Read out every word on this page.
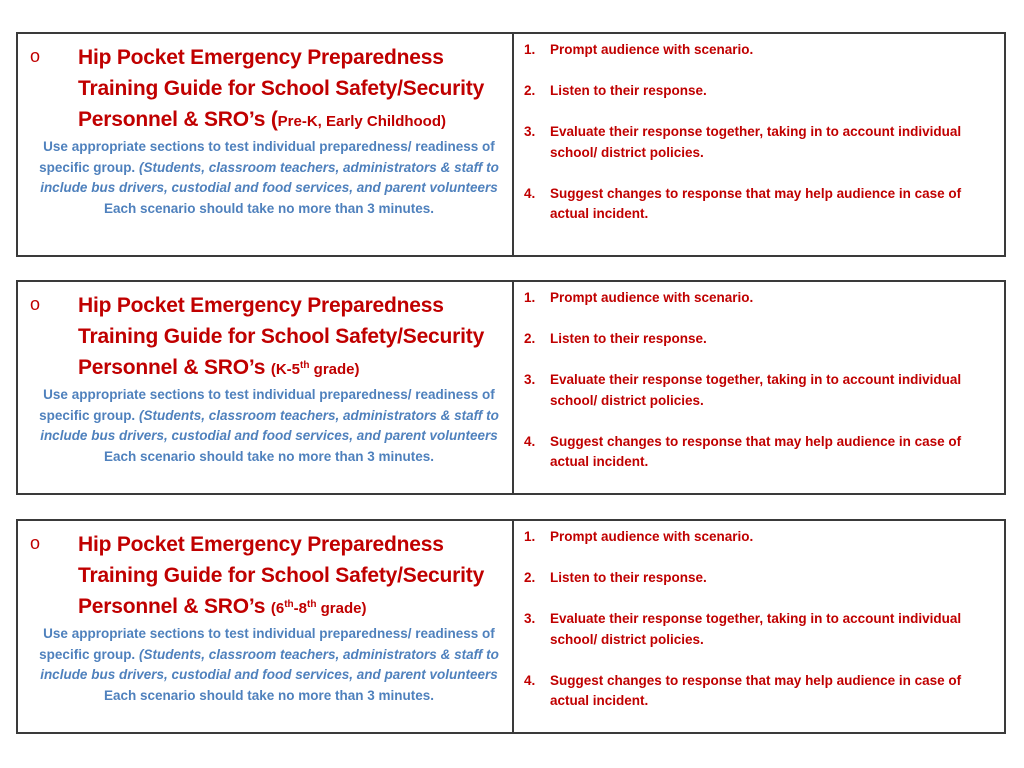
o Hip Pocket Emergency Preparedness Training Guide for School Safety/Security Personnel & SRO’s (Pre-K, Early Childhood)

Use appropriate sections to test individual preparedness/ readiness of specific group. (Students, classroom teachers, administrators & staff to include bus drivers, custodial and food services, and parent volunteers
Each scenario should take no more than 3 minutes.

1.	Prompt audience with scenario.
2.	Listen to their response.
3.	Evaluate their response together, taking in to account individual school/ district policies.
4.	Suggest changes to response that may help audience in case of actual incident.
o Hip Pocket Emergency Preparedness Training Guide for School Safety/Security Personnel & SRO’s (K-5th grade)

Use appropriate sections to test individual preparedness/ readiness of specific group. (Students, classroom teachers, administrators & staff to include bus drivers, custodial and food services, and parent volunteers
Each scenario should take no more than 3 minutes.

1.	Prompt audience with scenario.
2.	Listen to their response.
3.	Evaluate their response together, taking in to account individual school/ district policies.
4.	Suggest changes to response that may help audience in case of actual incident.
o Hip Pocket Emergency Preparedness Training Guide for School Safety/Security Personnel & SRO’s (6th-8th grade)

Use appropriate sections to test individual preparedness/ readiness of specific group. (Students, classroom teachers, administrators & staff to include bus drivers, custodial and food services, and parent volunteers
Each scenario should take no more than 3 minutes.

1.	Prompt audience with scenario.
2.	Listen to their response.
3.	Evaluate their response together, taking in to account individual school/ district policies.
4.	Suggest changes to response that may help audience in case of actual incident.
